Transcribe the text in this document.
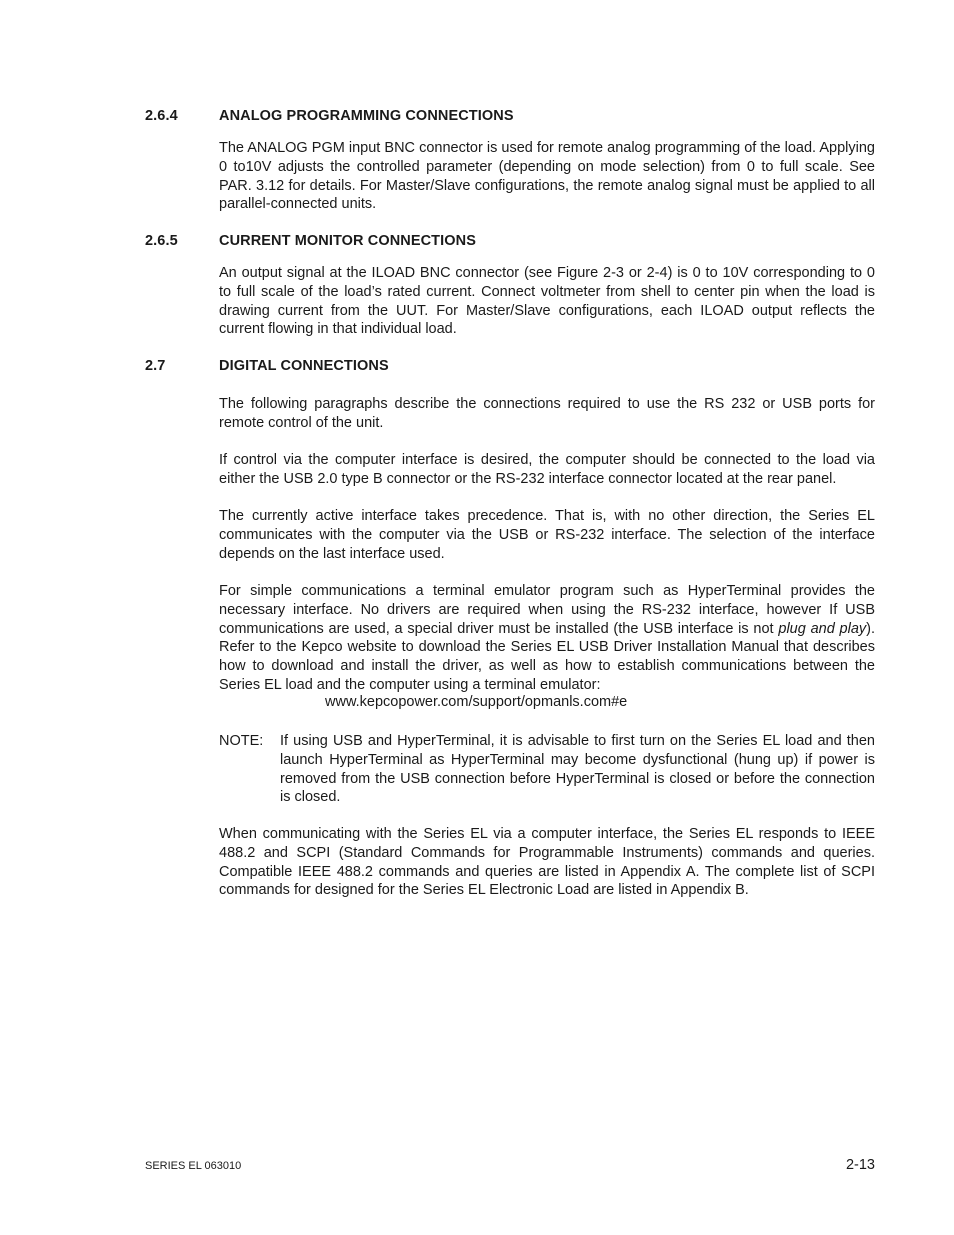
2.6.4	ANALOG PROGRAMMING CONNECTIONS
The ANALOG PGM input BNC connector is used for remote analog programming of the load. Applying 0 to10V adjusts the controlled parameter (depending on mode selection) from 0 to full scale. See PAR. 3.12 for details. For Master/Slave configurations, the remote analog signal must be applied to all parallel-connected units.
2.6.5	CURRENT MONITOR CONNECTIONS
An output signal at the ILOAD BNC connector (see Figure 2-3 or 2-4) is 0 to 10V corresponding to 0 to full scale of the load’s rated current. Connect voltmeter from shell to center pin when the load is drawing current from the UUT. For Master/Slave configurations, each ILOAD output reflects the current flowing in that individual load.
2.7	DIGITAL CONNECTIONS
The following paragraphs describe the connections required to use the RS 232 or USB ports for remote control of the unit.
If control via the computer interface is desired, the computer should be connected to the load via either the USB 2.0 type B connector or the RS-232 interface connector located at the rear panel.
The currently active interface takes precedence. That is, with no other direction, the Series EL communicates with the computer via the USB or RS-232 interface. The selection of the interface depends on the last interface used.
For simple communications a terminal emulator program such as HyperTerminal provides the necessary interface. No drivers are required when using the RS-232 interface, however If USB communications are used, a special driver must be installed (the USB interface is not plug and play). Refer to the Kepco website to download the Series EL USB Driver Installation Manual that describes how to download and install the driver, as well as how to establish communications between the Series EL load and the computer using a terminal emulator:
www.kepcopower.com/support/opmanls.com#e
NOTE: If using USB and HyperTerminal, it is advisable to first turn on the Series EL load and then launch HyperTerminal as HyperTerminal may become dysfunctional (hung up) if power is removed from the USB connection before HyperTerminal is closed or before the connection is closed.
When communicating with the Series EL via a computer interface, the Series EL responds to IEEE 488.2 and SCPI (Standard Commands for Programmable Instruments) commands and queries. Compatible IEEE 488.2 commands and queries are listed in Appendix A. The complete list of SCPI commands for designed for the Series EL Electronic Load are listed in Appendix B.
SERIES EL 063010	2-13
